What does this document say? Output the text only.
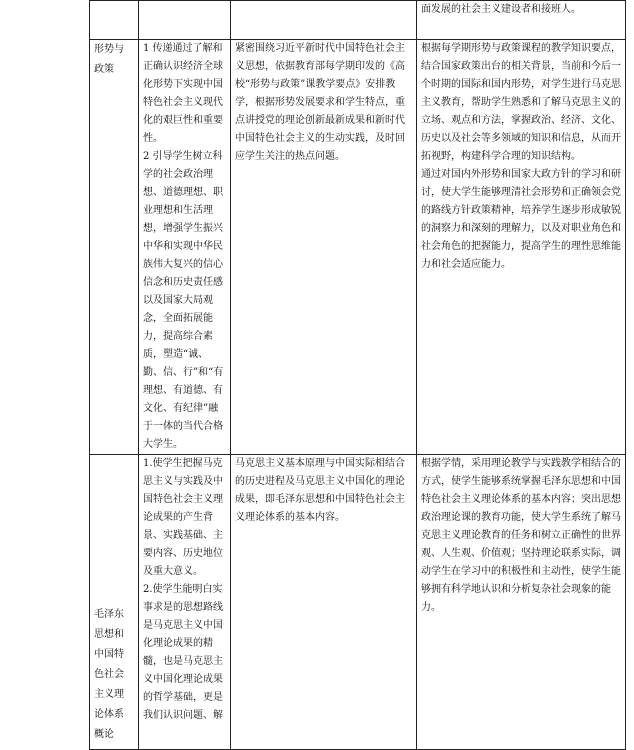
			面发展的社会主义建设者和接班人。

形势与政策	1 传递通过了解和正确认识经济全球化形势下实现中国特色社会主义现代化的艰巨性和重要性。
2 引导学生树立科学的社会政治理想、道德理想、职业理想和生活理想，增强学生振兴中华和实现中华民族伟大复兴的信心信念和历史责任感以及国家大局观念，全面拓展能力，提高综合素质，塑造“诚、勤、信、行”和“有理想、有道德、有文化、有纪律”融于一体的当代合格大学生。	紧密围绕习近平新时代中国特色社会主义思想，依据教育部每学期印发的《高校“形势与政策”课教学要点》安排教学，根据形势发展要求和学生特点，重点讲授党的理论创新最新成果和新时代中国特色社会主义的生动实践，及时回应学生关注的热点问题。	根据每学期形势与政策课程的教学知识要点，结合国家政策出台的相关背景，当前和今后一个时期的国际和国内形势，对学生进行马克思主义教育，帮助学生熟悉和了解马克思主义的立场、观点和方法，掌握政治、经济、文化、历史以及社会等多领域的知识和信息，从而开拓视野，构建科学合理的知识结构。
通过对国内外形势和国家大政方针的学习和研讨，使大学生能够理清社会形势和正确领会党的路线方针政策精神，培养学生逐步形成敏锐的洞察力和深刻的理解力，以及对职业角色和社会角色的把握能力，提高学生的理性思维能力和社会适应能力。

毛泽东思想和中国特色社会主义理论体系概论	1.使学生把握马克思主义与实践及中国特色社会主义理论成果的产生背景、实践基础、主要内容、历史地位及重大意义。
2.使学生能明白实事求是的思想路线是马克思主义中国化理论成果的精髓，也是马克思主义中国化理论成果的哲学基础，更是我们认识问题、解	马克思主义基本原理与中国实际相结合的历史进程及马克思主义中国化的理论成果，即毛泽东思想和中国特色社会主义理论体系的基本内容。	根据学情，采用理论教学与实践教学相结合的方式，使学生能够系统掌握毛泽东思想和中国特色社会主义理论体系的基本内容；突出思想政治理论课的教育功能，使大学生系统了解马克思主义理论教育的任务和树立正确性的世界观、人生观、价值观；坚持理论联系实际，调动学生在学习中的积极性和主动性，使学生能够拥有科学地认识和分析复杂社会现象的能力。
